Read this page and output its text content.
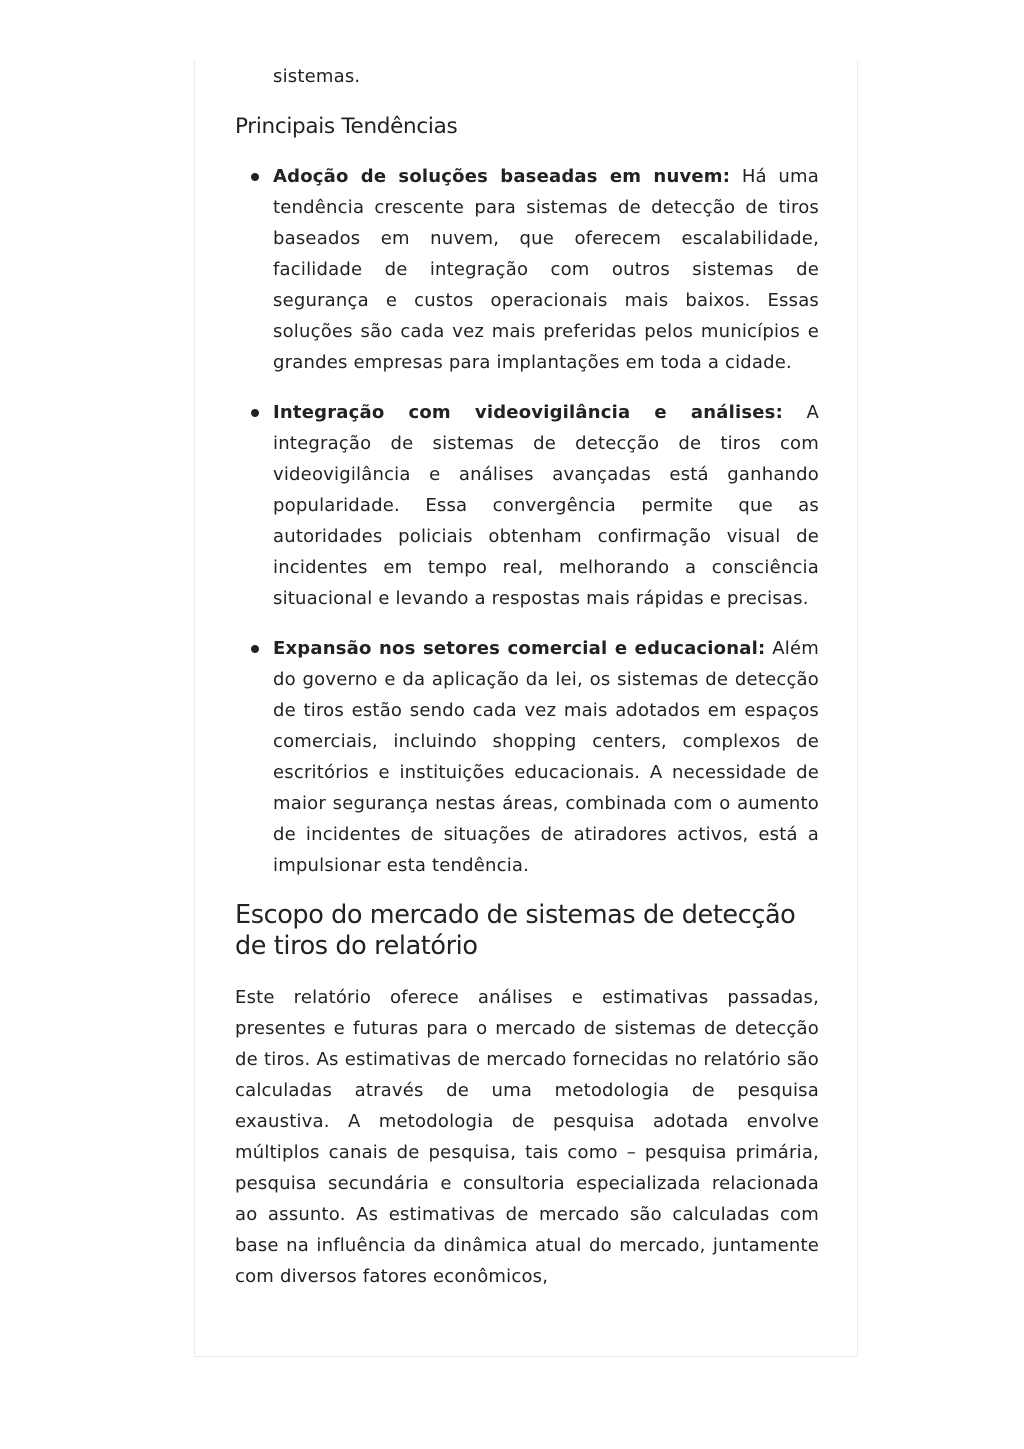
sistemas.

Principais Tendências
Adoção de soluções baseadas em nuvem: Há uma tendência crescente para sistemas de detecção de tiros baseados em nuvem, que oferecem escalabilidade, facilidade de integração com outros sistemas de segurança e custos operacionais mais baixos. Essas soluções são cada vez mais preferidas pelos municípios e grandes empresas para implantações em toda a cidade.
Integração com videovigilância e análises: A integração de sistemas de detecção de tiros com videovigilância e análises avançadas está ganhando popularidade. Essa convergência permite que as autoridades policiais obtenham confirmação visual de incidentes em tempo real, melhorando a consciência situacional e levando a respostas mais rápidas e precisas.
Expansão nos setores comercial e educacional: Além do governo e da aplicação da lei, os sistemas de detecção de tiros estão sendo cada vez mais adotados em espaços comerciais, incluindo shopping centers, complexos de escritórios e instituições educacionais. A necessidade de maior segurança nestas áreas, combinada com o aumento de incidentes de situações de atiradores activos, está a impulsionar esta tendência.
Escopo do mercado de sistemas de detecção de tiros do relatório

Este relatório oferece análises e estimativas passadas, presentes e futuras para o mercado de sistemas de detecção de tiros. As estimativas de mercado fornecidas no relatório são calculadas através de uma metodologia de pesquisa exaustiva. A metodologia de pesquisa adotada envolve múltiplos canais de pesquisa, tais como – pesquisa primária, pesquisa secundária e consultoria especializada relacionada ao assunto. As estimativas de mercado são calculadas com base na influência da dinâmica atual do mercado, juntamente com diversos fatores econômicos,
